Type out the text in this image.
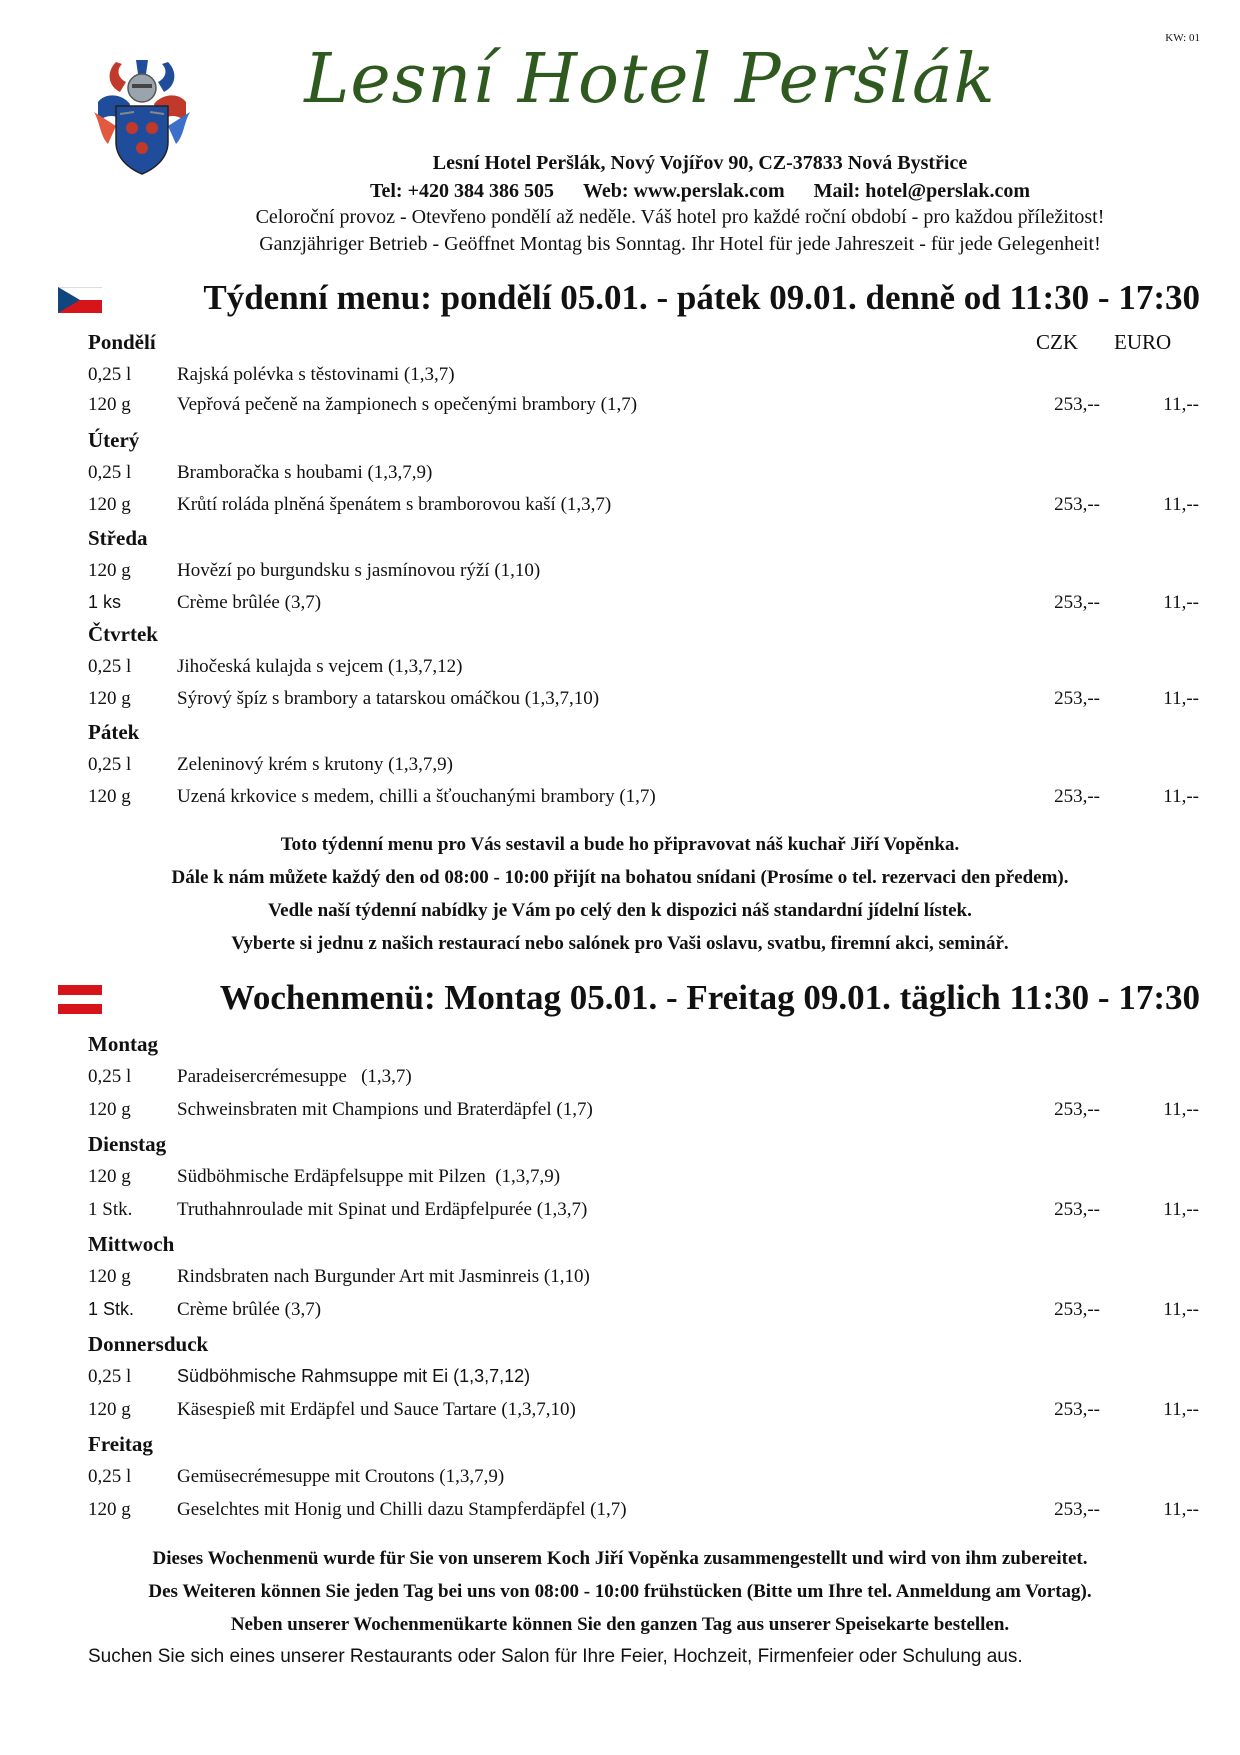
KW: 01
Lesní Hotel Peršlák
Lesní Hotel Peršlák, Nový Vojířov 90, CZ-37833 Nová Bystřice
Tel: +420 384 386 505 Web: www.perslak.com Mail: hotel@perslak.com
Celoroční provoz - Otevřeno pondělí až neděle. Váš hotel pro každé roční období - pro každou příležitost!
Ganzjähriger Betrieb - Geöffnet Montag bis Sonntag. Ihr Hotel für jede Jahreszeit - für jede Gelegenheit!
Týdenní menu: pondělí 05.01. - pátek 09.01. denně od 11:30 - 17:30
CZK EURO
Pondělí
0,25 l Rajská polévka s těstovinami (1,3,7)
120 g Vepřová pečeně na žampionech s opečenými brambory (1,7)	253,--	11,--
Úterý
0,25 l Bramboračka s houbami (1,3,7,9)
120 g Krůtí roláda plněná špenátem s bramborovou kaší (1,3,7)	253,--	11,--
Středa
120 g Hovězí po burgundsku s jasmínovou rýží (1,10)
1 ks	Crème brûlée (3,7)	253,--	11,--
Čtvrtek
0,25 l Jihočeská kulajda s vejcem (1,3,7,12)
120 g Sýrový špíz s brambory a tatarskou omáčkou (1,3,7,10)	253,--	11,--
Pátek
0,25 l Zeleninový krém s krutony (1,3,7,9)
120 g Uzená krkovice s medem, chilli a šťouchanými brambory (1,7)	253,--	11,--
Toto týdenní menu pro Vás sestavil a bude ho připravovat náš kuchař Jiří Vopěnka.
Dále k nám můžete každý den od 08:00 - 10:00 přijít na bohatou snídani (Prosíme o tel. rezervaci den předem).
Vedle naší týdenní nabídky je Vám po celý den k dispozici náš standardní jídelní lístek.
Vyberte si jednu z našich restaurací nebo salónek pro Vaši oslavu, svatbu, firemní akci, seminář.
Wochenmenü: Montag 05.01. - Freitag 09.01. täglich 11:30 - 17:30
Montag
0,25 l Paradeisercrémesuppe   (1,3,7)
120 g Schweinsbraten mit Champions und Braterdäpfel (1,7)	253,--	11,--
Dienstag
120 g Südböhmische Erdäpfelsuppe mit Pilzen  (1,3,7,9)
1 Stk. Truthahnroulade mit Spinat und Erdäpfelpurée (1,3,7)	253,--	11,--
Mittwoch
120 g Rindsbraten nach Burgunder Art mit Jasminreis (1,10)
1 Stk. Crème brûlée (3,7)	253,--	11,--
Donnersduck
0,25 l	Südböhmische Rahmsuppe mit Ei (1,3,7,12)
120 g Käsespieß mit Erdäpfel und Sauce Tartare (1,3,7,10)	253,--	11,--
Freitag
0,25 l Gemüsecrémesuppe mit Croutons (1,3,7,9)
120 g Geselchtes mit Honig und Chilli dazu Stampferdäpfel (1,7)	253,--	11,--
Dieses Wochenmenü wurde für Sie von unserem Koch Jiří Vopěnka zusammengestellt und wird von ihm zubereitet.
Des Weiteren können Sie jeden Tag bei uns von 08:00 - 10:00 frühstücken (Bitte um Ihre tel. Anmeldung am Vortag).
Neben unserer Wochenmenükarte können Sie den ganzen Tag aus unserer Speisekarte bestellen.
Suchen Sie sich eines unserer Restaurants oder Salon für Ihre Feier, Hochzeit, Firmenfeier oder Schulung aus.
